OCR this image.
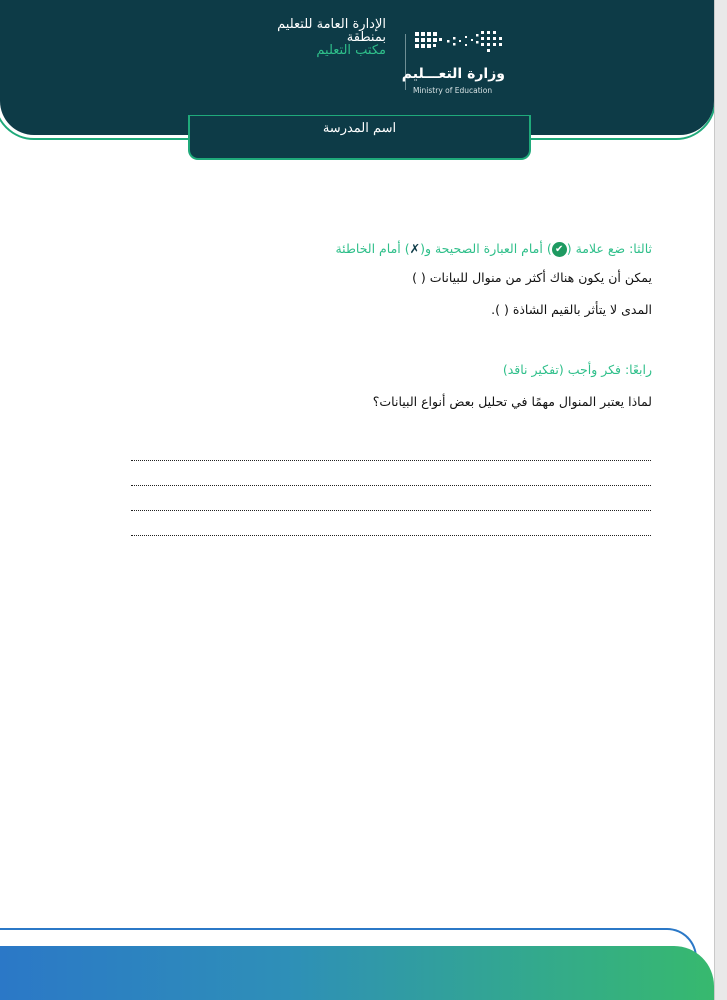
الإدارة العامة للتعليم
بمنطقة
مكتب التعليم
وزارة التعـــليم
Ministry of Education
اسم المدرسة
ثالثا: ضع علامة (✔) أمام العبارة الصحيحة و(✗) أمام الخاطئة
يمكن أن يكون هناك أكثر من منوال للبيانات ( )
المدى لا يتأثر بالقيم الشاذة ( ).
رابعًا: فكر وأجب (تفكير ناقد)
لماذا يعتبر المنوال مهمًا في تحليل بعض أنواع البيانات؟
